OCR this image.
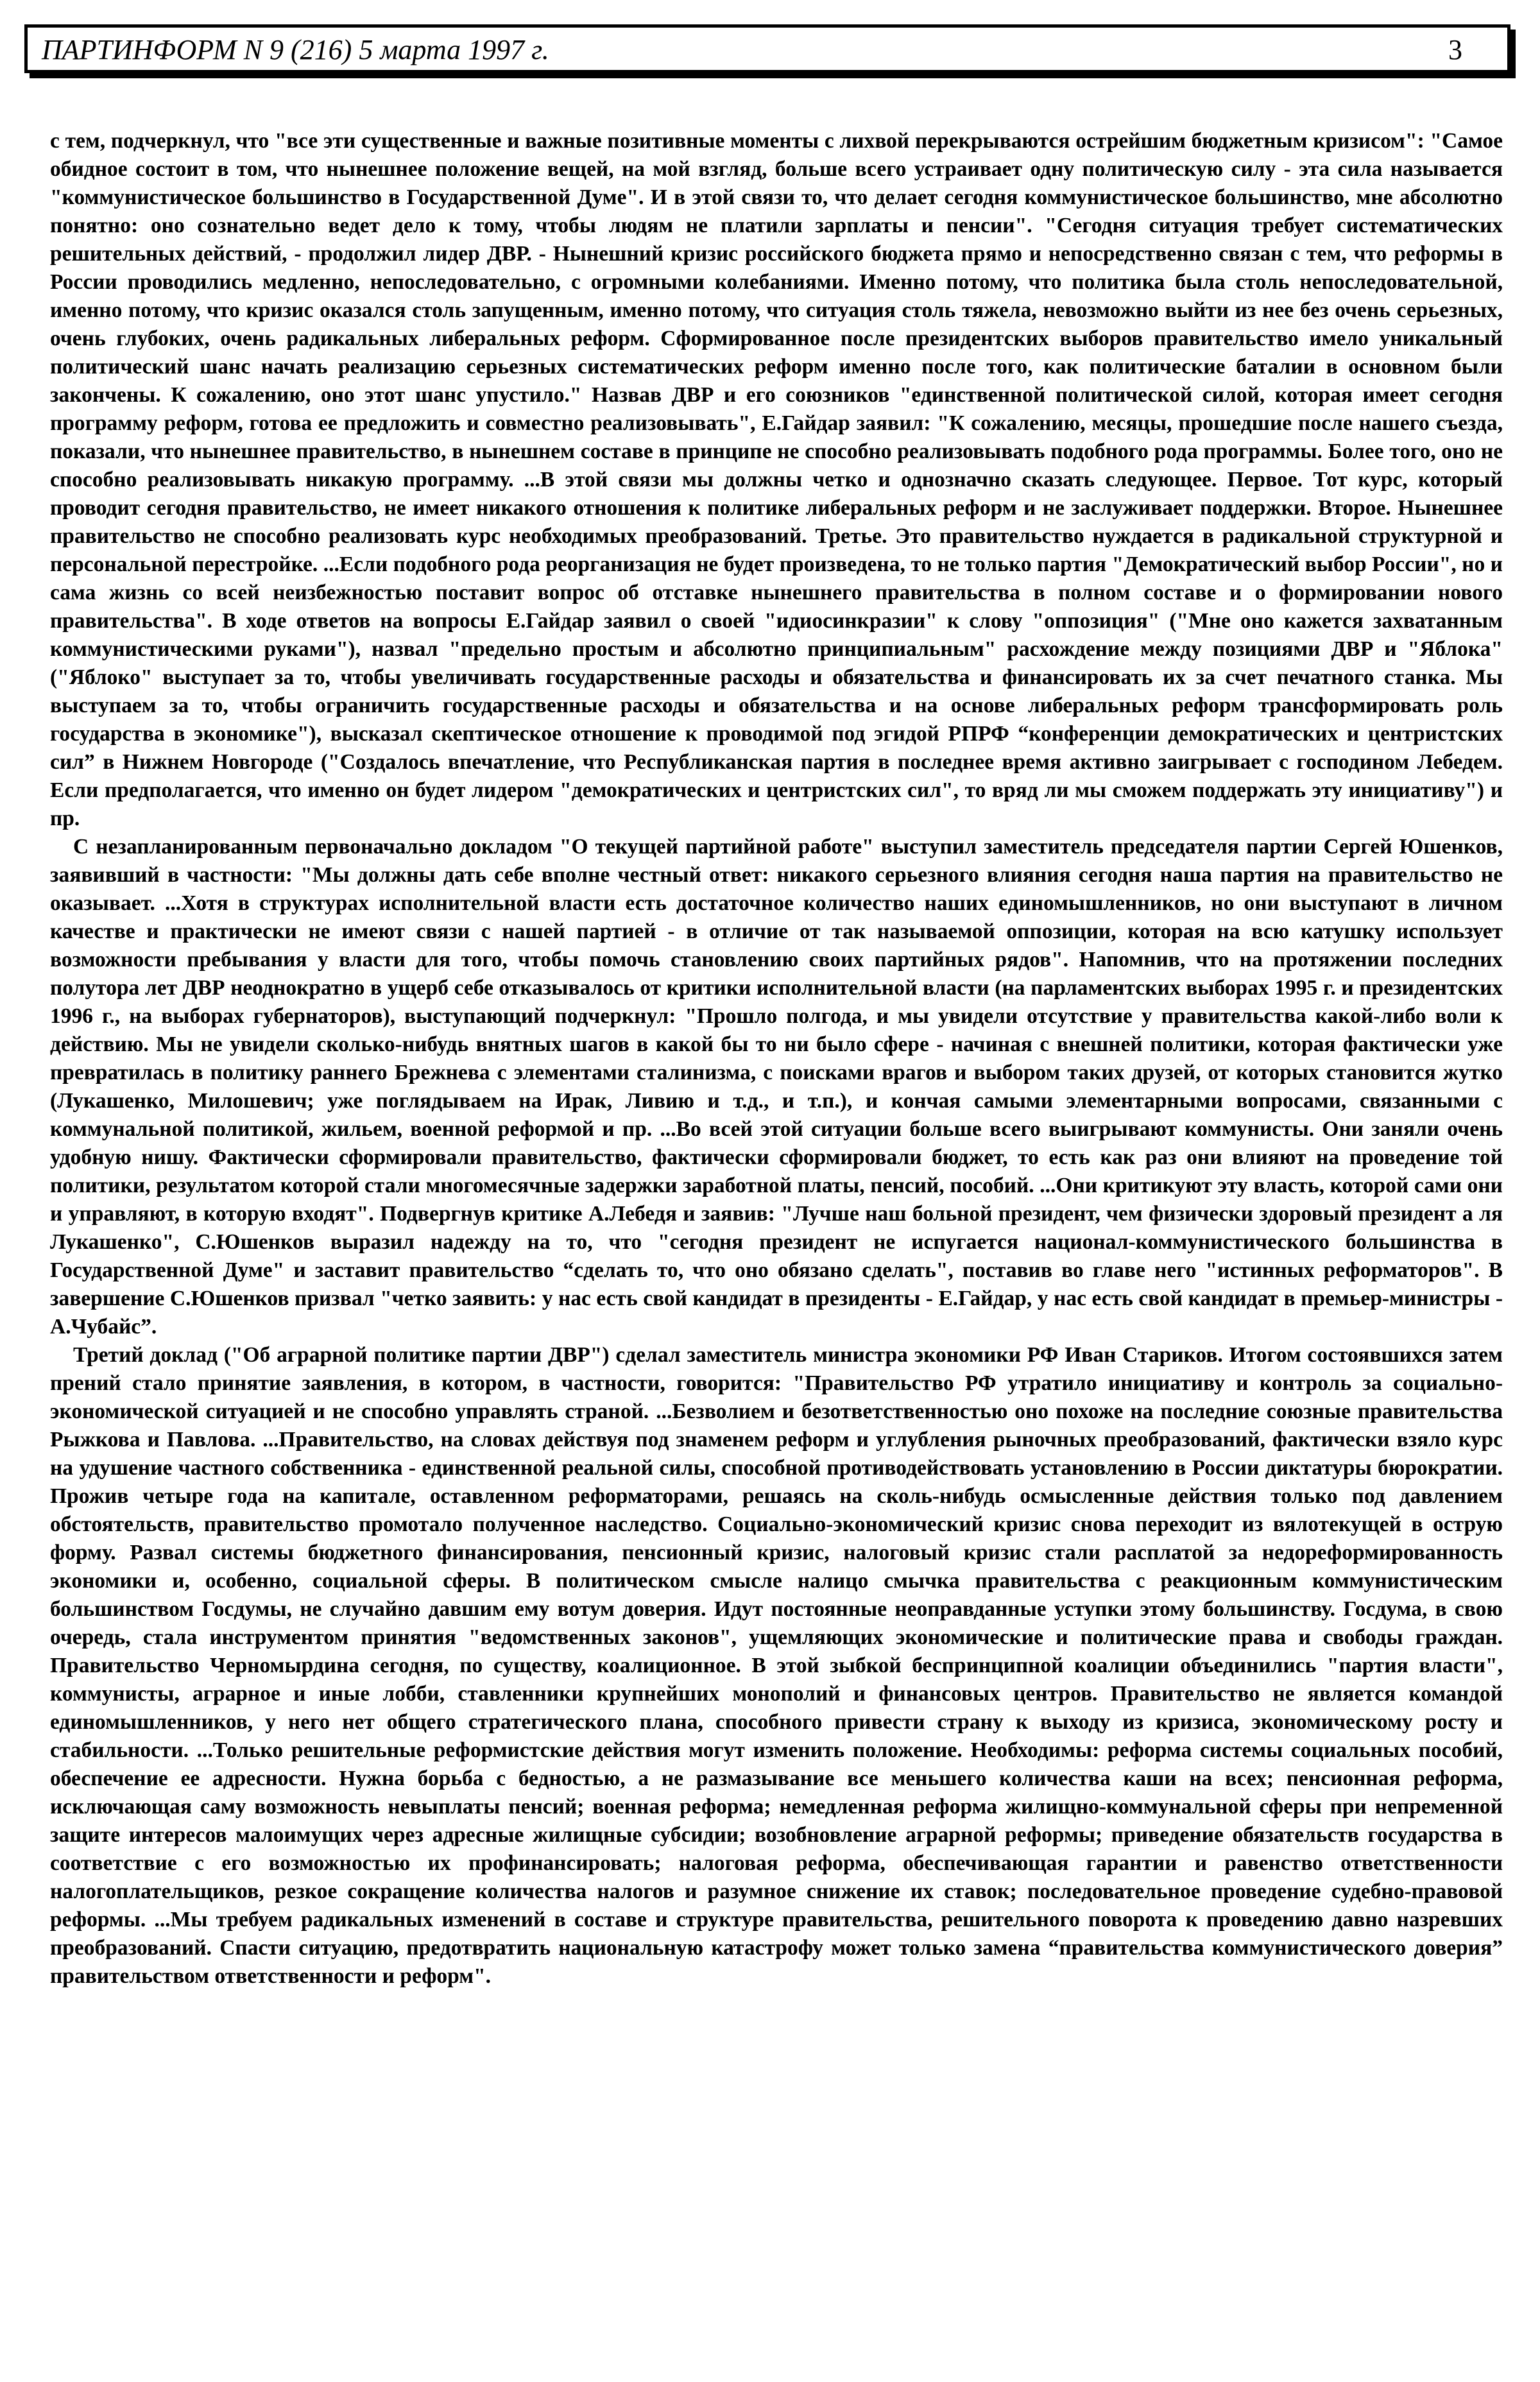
ПАРТИНФОРМ N 9 (216) 5 марта 1997 г.	3

с тем, подчеркнул, что "все эти существенные и важные позитивные моменты с лихвой перекрываются острейшим бюджетным кризисом": "Самое обидное состоит в том, что нынешнее положение вещей, на мой взгляд, больше всего устраивает одну политическую силу - эта сила называется "коммунистическое большинство в Государственной Думе". И в этой связи то, что делает сегодня коммунистическое большинство, мне абсолютно понятно: оно сознательно ведет дело к тому, чтобы людям не платили зарплаты и пенсии". "Сегодня ситуация требует систематических решительных действий, - продолжил лидер ДВР. - Нынешний кризис российского бюджета прямо и непосредственно связан с тем, что реформы в России проводились медленно, непоследовательно, с огромными колебаниями. Именно потому, что политика была столь непоследовательной, именно потому, что кризис оказался столь запущенным, именно потому, что ситуация столь тяжела, невозможно выйти из нее без очень серьезных, очень глубоких, очень радикальных либеральных реформ. Сформированное после президентских выборов правительство имело уникальный политический шанс начать реализацию серьезных систематических реформ именно после того, как политические баталии в основном были закончены. К сожалению, оно этот шанс упустило." Назвав ДВР и его союзников "единственной политической силой, которая имеет сегодня программу реформ, готова ее предложить и совместно реализовывать", Е.Гайдар заявил: "К сожалению, месяцы, прошедшие после нашего съезда, показали, что нынешнее правительство, в нынешнем составе в принципе не способно реализовывать подобного рода программы. Более того, оно не способно реализовывать никакую программу. ...В этой связи мы должны четко и однозначно сказать следующее. Первое. Тот курс, который проводит сегодня правительство, не имеет никакого отношения к политике либеральных реформ и не заслуживает поддержки. Второе. Нынешнее правительство не способно реализовать курс необходимых преобразований. Третье. Это правительство нуждается в радикальной структурной и персональной перестройке. ...Если подобного рода реорганизация не будет произведена, то не только партия "Демократический выбор России", но и сама жизнь со всей неизбежностью поставит вопрос об отставке нынешнего правительства в полном составе и о формировании нового правительства". В ходе ответов на вопросы Е.Гайдар заявил о своей "идиосинкразии" к слову "оппозиция" ("Мне оно кажется захватанным коммунистическими руками"), назвал "предельно простым и абсолютно принципиальным" расхождение между позициями ДВР и "Яблока" ("Яблоко" выступает за то, чтобы увеличивать государственные расходы и обязательства и финансировать их за счет печатного станка. Мы выступаем за то, чтобы ограничить государственные расходы и обязательства и на основе либеральных реформ трансформировать роль государства в экономике"), высказал скептическое отношение к проводимой под эгидой РПРФ “конференции демократических и центристских сил” в Нижнем Новгороде ("Создалось впечатление, что Республиканская партия в последнее время активно заигрывает с господином Лебедем. Если предполагается, что именно он будет лидером "демократических и центристских сил", то вряд ли мы сможем поддержать эту инициативу") и пр.

С незапланированным первоначально докладом "О текущей партийной работе" выступил заместитель председателя партии Сергей Юшенков, заявивший в частности: "Мы должны дать себе вполне честный ответ: никакого серьезного влияния сегодня наша партия на правительство не оказывает. ...Хотя в структурах исполнительной власти есть достаточное количество наших единомышленников, но они выступают в личном качестве и практически не имеют связи с нашей партией - в отличие от так называемой оппозиции, которая на всю катушку использует возможности пребывания у власти для того, чтобы помочь становлению своих партийных рядов". Напомнив, что на протяжении последних полутора лет ДВР неоднократно в ущерб себе отказывалось от критики исполнительной власти (на парламентских выборах 1995 г. и президентских 1996 г., на выборах губернаторов), выступающий подчеркнул: "Прошло полгода, и мы увидели отсутствие у правительства какой-либо воли к действию. Мы не увидели сколько-нибудь внятных шагов в какой бы то ни было сфере - начиная с внешней политики, которая фактически уже превратилась в политику раннего Брежнева с элементами сталинизма, с поисками врагов и выбором таких друзей, от которых становится жутко (Лукашенко, Милошевич; уже поглядываем на Ирак, Ливию и т.д., и т.п.), и кончая самыми элементарными вопросами, связанными с коммунальной политикой, жильем, военной реформой и пр. ...Во всей этой ситуации больше всего выигрывают коммунисты. Они заняли очень удобную нишу. Фактически сформировали правительство, фактически сформировали бюджет, то есть как раз они влияют на проведение той политики, результатом которой стали многомесячные задержки заработной платы, пенсий, пособий. ...Они критикуют эту власть, которой сами они и управляют, в которую входят". Подвергнув критике А.Лебедя и заявив: "Лучше наш больной президент, чем физически здоровый президент а ля Лукашенко", С.Юшенков выразил надежду на то, что "сегодня президент не испугается национал-коммунистического большинства в Государственной Думе" и заставит правительство “сделать то, что оно обязано сделать", поставив во главе него "истинных реформаторов". В завершение С.Юшенков призвал "четко заявить: у нас есть свой кандидат в президенты - Е.Гайдар, у нас есть свой кандидат в премьер-министры - А.Чубайс”.

Третий доклад ("Об аграрной политике партии ДВР") сделал заместитель министра экономики РФ Иван Стариков. Итогом состоявшихся затем прений стало принятие заявления, в котором, в частности, говорится: "Правительство РФ утратило инициативу и контроль за социально-экономической ситуацией и не способно управлять страной. ...Безволием и безответственностью оно похоже на последние союзные правительства Рыжкова и Павлова. ...Правительство, на словах действуя под знаменем реформ и углубления рыночных преобразований, фактически взяло курс на удушение частного собственника - единственной реальной силы, способной противодействовать установлению в России диктатуры бюрократии. Прожив четыре года на капитале, оставленном реформаторами, решаясь на сколь-нибудь осмысленные действия только под давлением обстоятельств, правительство промотало полученное наследство. Социально-экономический кризис снова переходит из вялотекущей в острую форму. Развал системы бюджетного финансирования, пенсионный кризис, налоговый кризис стали расплатой за недореформированность экономики и, особенно, социальной сферы. В политическом смысле налицо смычка правительства с реакционным коммунистическим большинством Госдумы, не случайно давшим ему вотум доверия. Идут постоянные неоправданные уступки этому большинству. Госдума, в свою очередь, стала инструментом принятия "ведомственных законов", ущемляющих экономические и политические права и свободы граждан. Правительство Черномырдина сегодня, по существу, коалиционное. В этой зыбкой беспринципной коалиции объединились "партия власти", коммунисты, аграрное и иные лобби, ставленники крупнейших монополий и финансовых центров. Правительство не является командой единомышленников, у него нет общего стратегического плана, способного привести страну к выходу из кризиса, экономическому росту и стабильности. ...Только решительные реформистские действия могут изменить положение. Необходимы: реформа системы социальных пособий, обеспечение ее адресности. Нужна борьба с бедностью, а не размазывание все меньшего количества каши на всех; пенсионная реформа, исключающая саму возможность невыплаты пенсий; военная реформа; немедленная реформа жилищно-коммунальной сферы при непременной защите интересов малоимущих через адресные жилищные субсидии; возобновление аграрной реформы; приведение обязательств государства в соответствие с его возможностью их профинансировать; налоговая реформа, обеспечивающая гарантии и равенство ответственности налогоплательщиков, резкое сокращение количества налогов и разумное снижение их ставок; последовательное проведение судебно-правовой реформы. ...Мы требуем радикальных изменений в составе и структуре правительства, решительного поворота к проведению давно назревших преобразований. Спасти ситуацию, предотвратить национальную катастрофу может только замена “правительства коммунистического доверия” правительством ответственности и реформ".
